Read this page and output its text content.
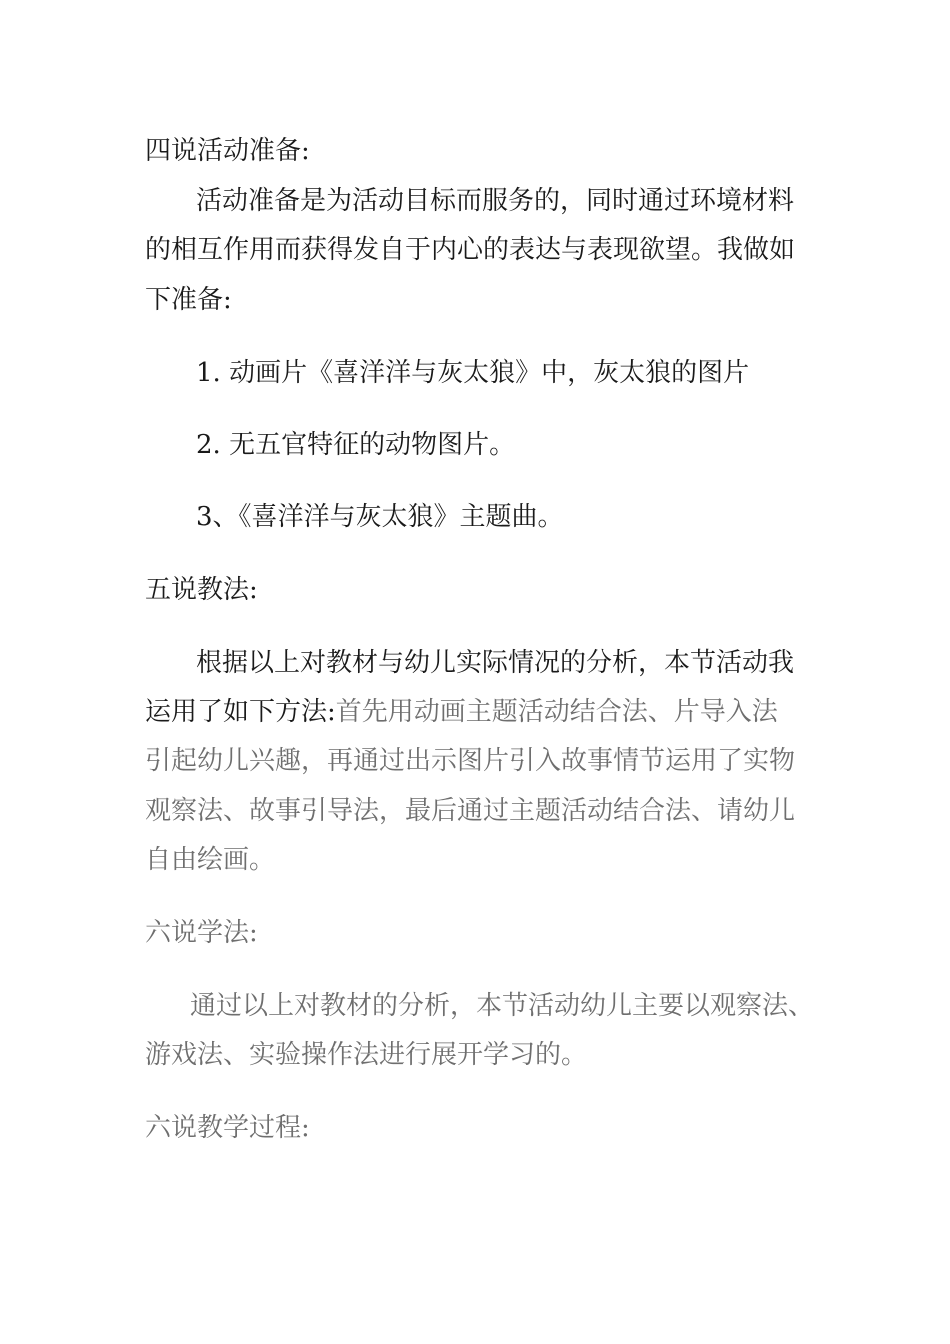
四说活动准备:

活动准备是为活动目标而服务的，同时通过环境材料

的相互作用而获得发自于内心的表达与表现欲望。我做如

下准备:

1. 动画片《喜洋洋与灰太狼》中，灰太狼的图片

2. 无五官特征的动物图片。

3、《喜洋洋与灰太狼》主题曲。

五说教法:

根据以上对教材与幼儿实际情况的分析，本节活动我

运用了如下方法:首先用动画主题活动结合法、片导入法

引起幼儿兴趣，再通过出示图片引入故事情节运用了实物

观察法、故事引导法，最后通过主题活动结合法、请幼儿

自由绘画。

六说学法:

通过以上对教材的分析，本节活动幼儿主要以观察法、

游戏法、实验操作法进行展开学习的。

六说教学过程:
